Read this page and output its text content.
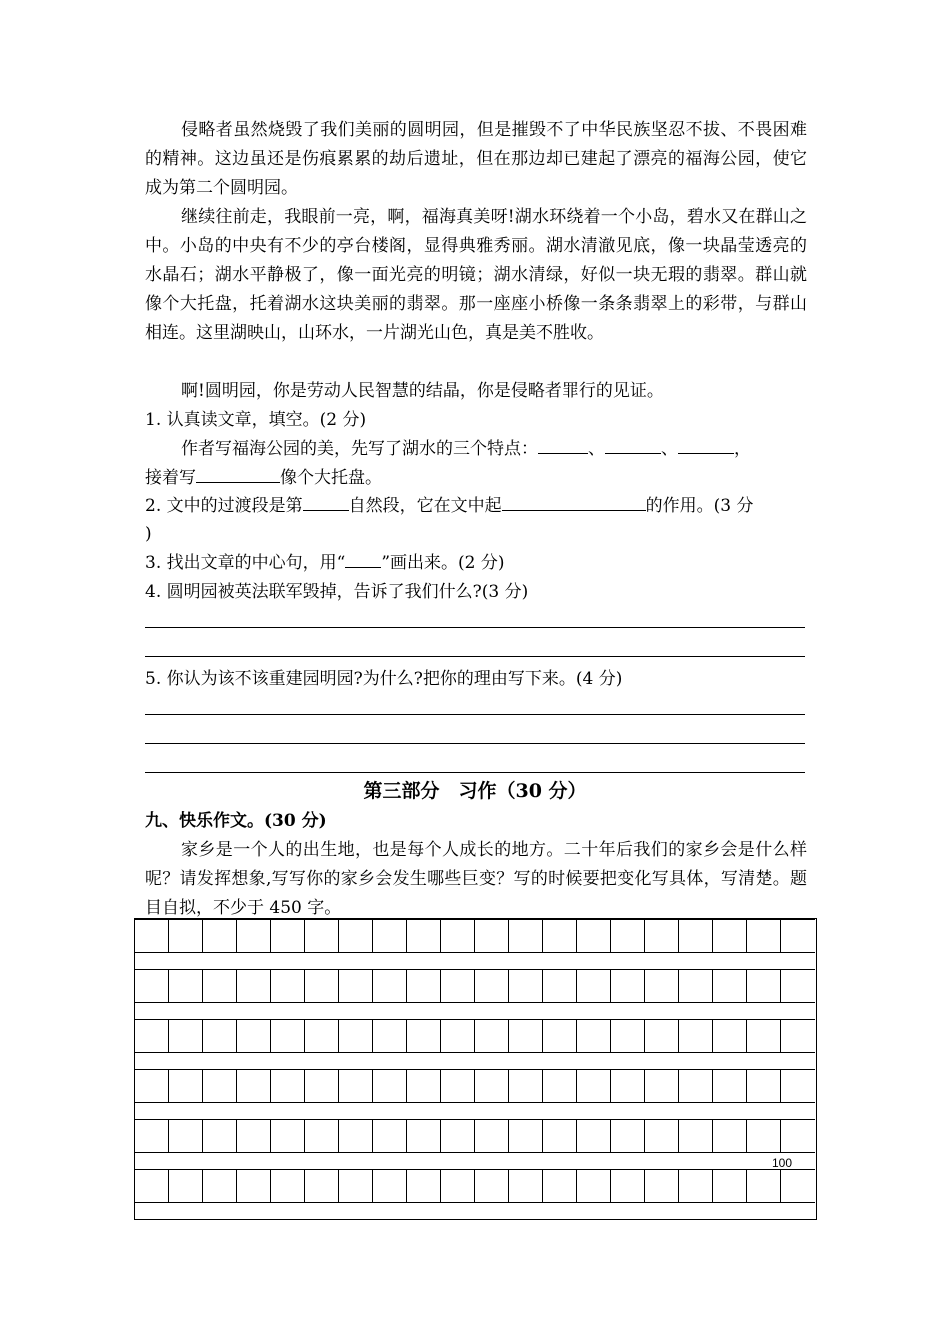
侵略者虽然烧毁了我们美丽的圆明园，但是摧毁不了中华民族坚忍不拔、不畏困难的精神。这边虽还是伤痕累累的劫后遗址，但在那边却已建起了漂亮的福海公园，使它成为第二个圆明园。
继续往前走，我眼前一亮，啊，福海真美呀!湖水环绕着一个小岛，碧水又在群山之中。小岛的中央有不少的亭台楼阁，显得典雅秀丽。湖水清澈见底，像一块晶莹透亮的水晶石；湖水平静极了，像一面光亮的明镜；湖水清绿，好似一块无瑕的翡翠。群山就像个大托盘，托着湖水这块美丽的翡翠。那一座座小桥像一条条翡翠上的彩带，与群山相连。这里湖映山，山环水，一片湖光山色，真是美不胜收。
啊!圆明园，你是劳动人民智慧的结晶，你是侵略者罪行的见证。
1. 认真读文章，填空。(2 分)
作者写福海公园的美，先写了湖水的三个特点：	、	、	，
接着写	像个大托盘。
2. 文中的过渡段是第	自然段，它在文中起	的作用。(3 分
)
3. 找出文章的中心句，用“ ”画出来。(2 分)
4. 圆明园被英法联军毁掉，告诉了我们什么?(3 分)
5. 你认为该不该重建园明园?为什么?把你的理由写下来。(4 分)
第三部分　习作（30 分）
九、快乐作文。(30 分)
家乡是一个人的出生地，也是每个人成长的地方。二十年后我们的家乡会是什么样呢？请发挥想象,写写你的家乡会发生哪些巨变？写的时候要把变化写具体，写清楚。题目自拟，不少于 450 字。
100
